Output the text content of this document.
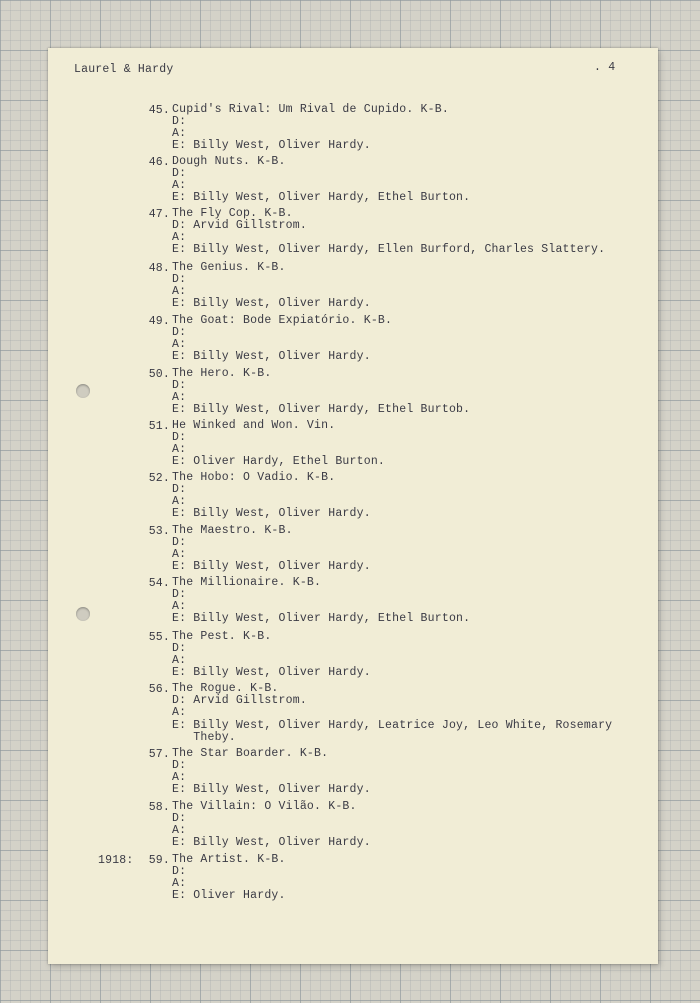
Laurel & Hardy	. 4
45. Cupid's Rival: Um Rival de Cupido. K-B.
D:
A:
E: Billy West, Oliver Hardy.
46. Dough Nuts. K-B.
D:
A:
E: Billy West, Oliver Hardy, Ethel Burton.
47. The Fly Cop. K-B.
D: Arvid Gillstrom.
A:
E: Billy West, Oliver Hardy, Ellen Burford, Charles Slattery.
48. The Genius. K-B.
D:
A:
E: Billy West, Oliver Hardy.
49. The Goat: Bode Expiatório. K-B.
D:
A:
E: Billy West, Oliver Hardy.
50. The Hero. K-B.
D:
A:
E: Billy West, Oliver Hardy, Ethel Burtob.
51. He Winked and Won. Vin.
D:
A:
E: Oliver Hardy, Ethel Burton.
52. The Hobo: O Vadio. K-B.
D:
A:
E: Billy West, Oliver Hardy.
53. The Maestro. K-B.
D:
A:
E: Billy West, Oliver Hardy.
54. The Millionaire. K-B.
D:
A:
E: Billy West, Oliver Hardy, Ethel Burton.
55. The Pest. K-B.
D:
A:
E: Billy West, Oliver Hardy.
56. The Rogue. K-B.
D: Arvid Gillstrom.
A:
E: Billy West, Oliver Hardy, Leatrice Joy, Leo White, Rosemary
Theby.
57. The Star Boarder. K-B.
D:
A:
E: Billy West, Oliver Hardy.
58. The Villain: O Vilão. K-B.
D:
A:
E: Billy West, Oliver Hardy.
1918: 59. The Artist. K-B.
D:
A:
E: Oliver Hardy.
